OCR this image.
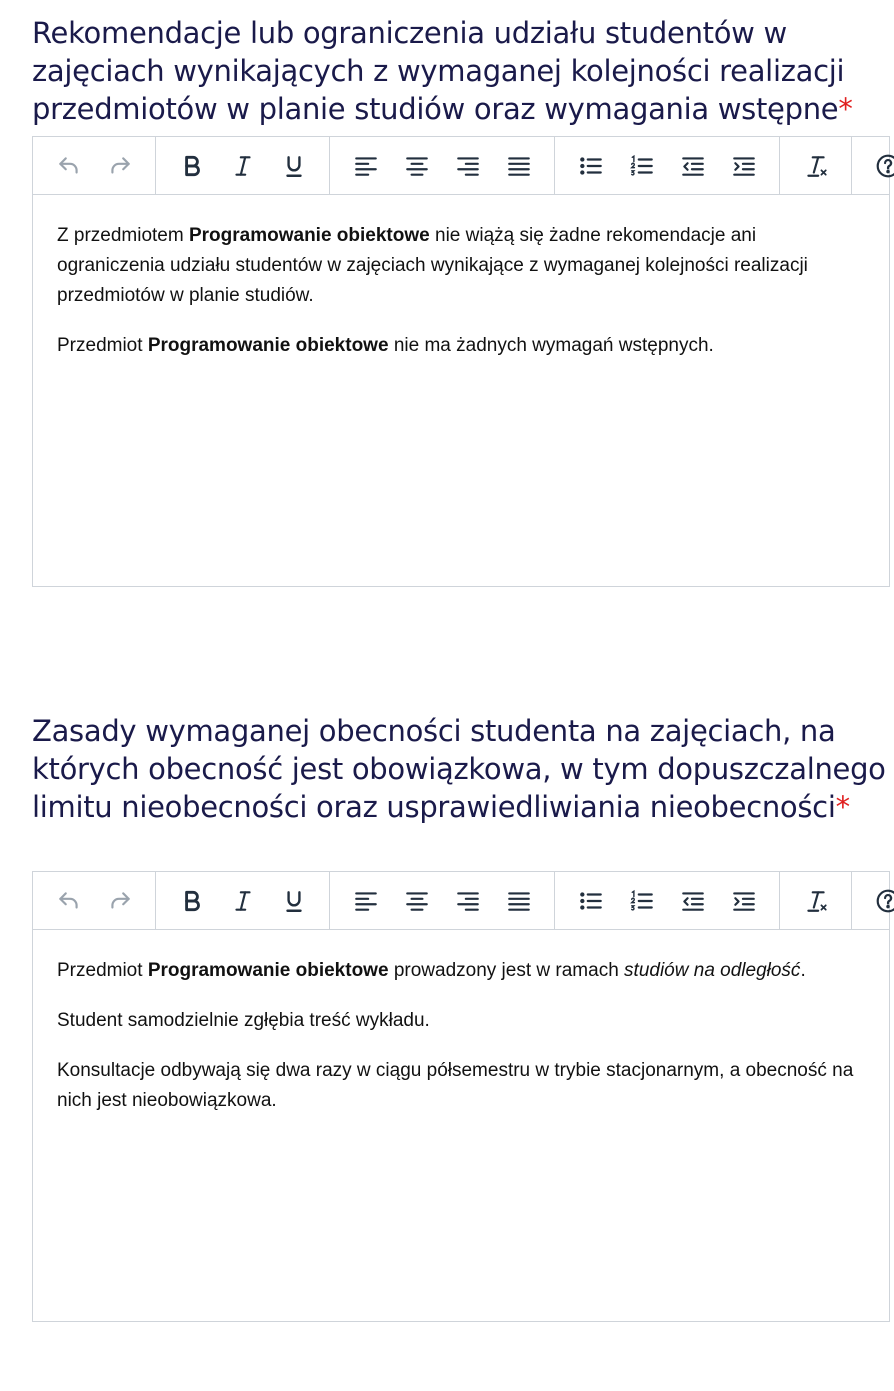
Rekomendacje lub ograniczenia udziału studentów w zajęciach wynikających z wymaganej kolejności realizacji przedmiotów w planie studiów oraz wymagania wstępne*

Z przedmiotem Programowanie obiektowe nie wiążą się żadne rekomendacje ani ograniczenia udziału studentów w zajęciach wynikające z wymaganej kolejności realizacji przedmiotów w planie studiów.

Przedmiot Programowanie obiektowe nie ma żadnych wymagań wstępnych.

Zasady wymaganej obecności studenta na zajęciach, na których obecność jest obowiązkowa, w tym dopuszczalnego limitu nieobecności oraz usprawiedliwiania nieobecności*

Przedmiot Programowanie obiektowe prowadzony jest w ramach studiów na odległość.

Student samodzielnie zgłębia treść wykładu.

Konsultacje odbywają się dwa razy w ciągu półsemestru w trybie stacjonarnym, a obecność na nich jest nieobowiązkowa.
